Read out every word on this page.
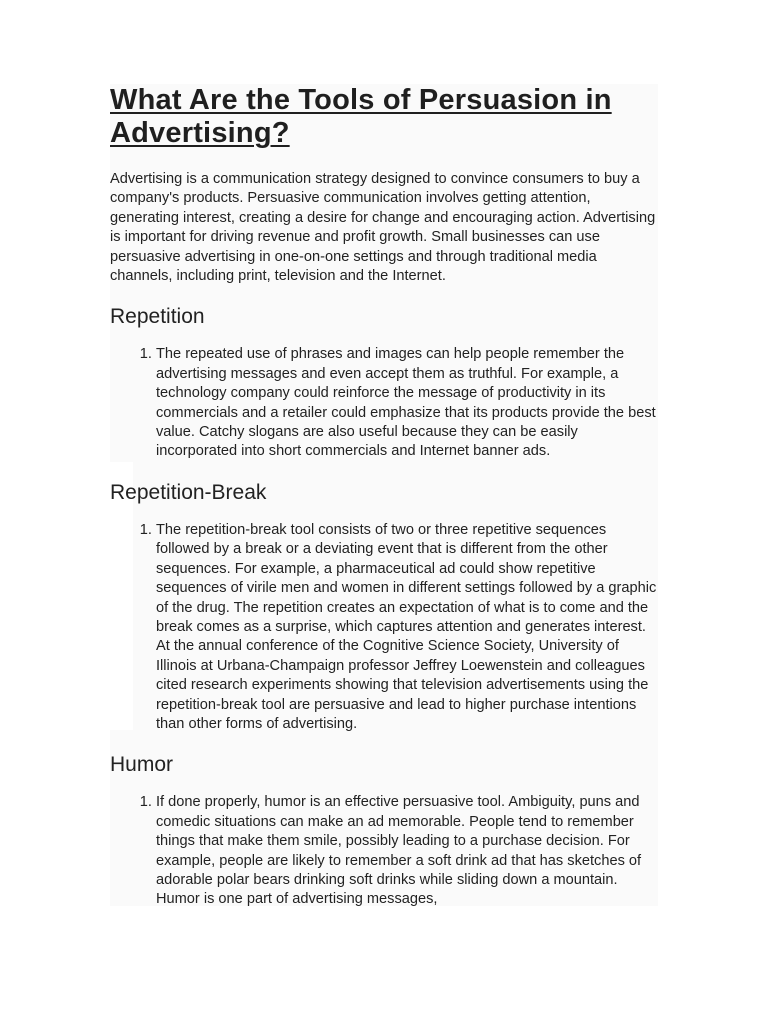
What Are the Tools of Persuasion in Advertising?

Advertising is a communication strategy designed to convince consumers to buy a company's products. Persuasive communication involves getting attention, generating interest, creating a desire for change and encouraging action. Advertising is important for driving revenue and profit growth. Small businesses can use persuasive advertising in one-on-one settings and through traditional media channels, including print, television and the Internet.

Repetition
1. The repeated use of phrases and images can help people remember the advertising messages and even accept them as truthful. For example, a technology company could reinforce the message of productivity in its commercials and a retailer could emphasize that its products provide the best value. Catchy slogans are also useful because they can be easily incorporated into short commercials and Internet banner ads.
Repetition-Break
1. The repetition-break tool consists of two or three repetitive sequences followed by a break or a deviating event that is different from the other sequences. For example, a pharmaceutical ad could show repetitive sequences of virile men and women in different settings followed by a graphic of the drug. The repetition creates an expectation of what is to come and the break comes as a surprise, which captures attention and generates interest. At the annual conference of the Cognitive Science Society, University of Illinois at Urbana-Champaign professor Jeffrey Loewenstein and colleagues cited research experiments showing that television advertisements using the repetition-break tool are persuasive and lead to higher purchase intentions than other forms of advertising.
Humor
1. If done properly, humor is an effective persuasive tool. Ambiguity, puns and comedic situations can make an ad memorable. People tend to remember things that make them smile, possibly leading to a purchase decision. For example, people are likely to remember a soft drink ad that has sketches of adorable polar bears drinking soft drinks while sliding down a mountain. Humor is one part of advertising messages,
